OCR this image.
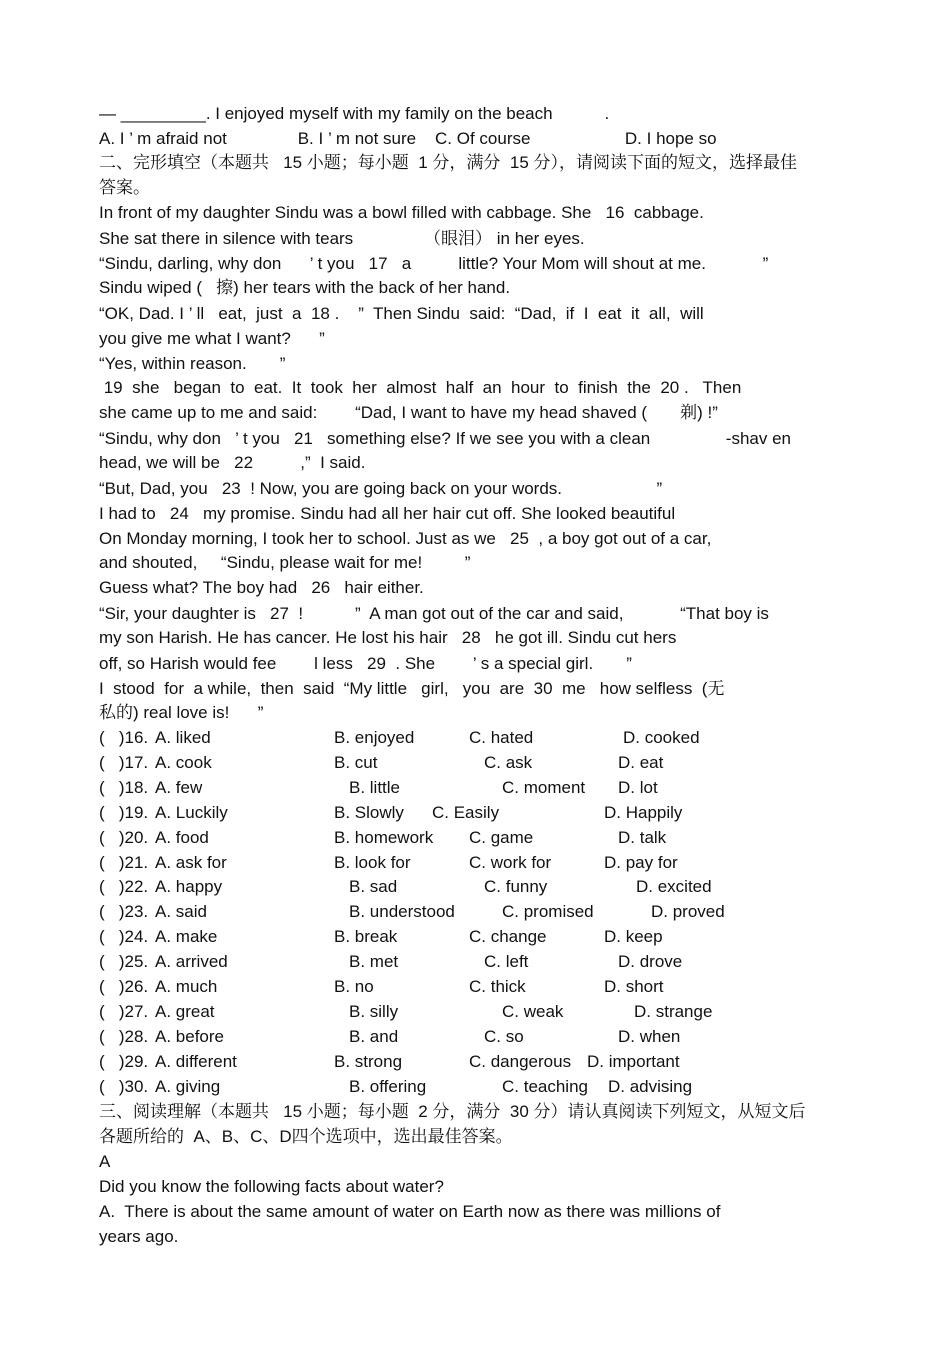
— _________. I enjoyed myself with my family on the beach           .
A. I ’ m afraid not               B. I ’ m not sure    C. Of course                    D. I hope so
二、完形填空（本题共   15 小题；每小题  1 分，满分  15 分），请阅读下面的短文，选择最佳
答案。
In front of my daughter Sindu was a bowl filled with cabbage. She   16  cabbage.
She sat there in silence with tears               （眼泪） in her eyes.
“Sindu, darling, why don      ’ t you   17   a          little? Your Mom will shout at me.            ”
Sindu wiped (   擦) her tears with the back of her hand.
“OK, Dad. I ’ ll   eat,  just  a  18 .    ”  Then Sindu  said:  “Dad,  if  I  eat  it  all,  will
you give me what I want?      ”
“Yes, within reason.       ”
19  she   began  to  eat.  It  took  her  almost  half  an  hour  to  finish  the  20 .   Then
she came up to me and said:        “Dad, I want to have my head shaved (       剃) !”
“Sindu, why don   ’ t you   21   something else? If we see you with a clean                -shav en
head, we will be   22          ,”  I said.
“But, Dad, you   23  ! Now, you are going back on your words.                    ”
I had to   24   my promise. Sindu had all her hair cut off. She looked beautiful
On Monday morning, I took her to school. Just as we   25  , a boy got out of a car,
and shouted,     “Sindu, please wait for me!         ”
Guess what? The boy had   26   hair either.
“Sir, your daughter is   27  !           ”  A man got out of the car and said,            “That boy is
my son Harish. He has cancer. He lost his hair   28   he got ill. Sindu cut hers
off, so Harish would fee        l less   29  . She        ’ s a special girl.       ”
I  stood  for  a while,  then  said  “My little   girl,   you  are  30  me   how selfless  (无
私的) real love is!      ”
(   )16. A. liked	B. enjoyed	C. hated	D. cooked
(   )17. A. cook	B. cut	C. ask	D. eat
(   )18. A. few	B. little	C. moment D. lot
(   )19. A. Luckily	B. Slowly C. Easily	D. Happily
(   )20. A. food	B. homework C. game	D. talk
(   )21. A. ask for	B. look for	C. work for	D. pay for
(   )22. A. happy	B. sad	C. funny	D. excited
(   )23. A. said	B. understood	C. promised	D. proved
(   )24. A. make	B. break	C. change	D. keep
(   )25. A. arrived	B. met	C. left	D. drove
(   )26. A. much	B. no	C. thick	D. short
(   )27. A. great	B. silly	C. weak	D. strange
(   )28. A. before	B. and	C. so	D. when
(   )29. A. different	B. strong	C. dangerous D. important
(   )30. A. giving	B. offering	C. teaching D. advising
三、阅读理解（本题共   15 小题；每小题  2 分，满分  30 分）请认真阅读下列短文，从短文后
各题所给的  A、B、C、D四个选项中，选出最佳答案。
A
Did you know the following facts about water?
A.  There is about the same amount of water on Earth now as there was millions of
years ago.
